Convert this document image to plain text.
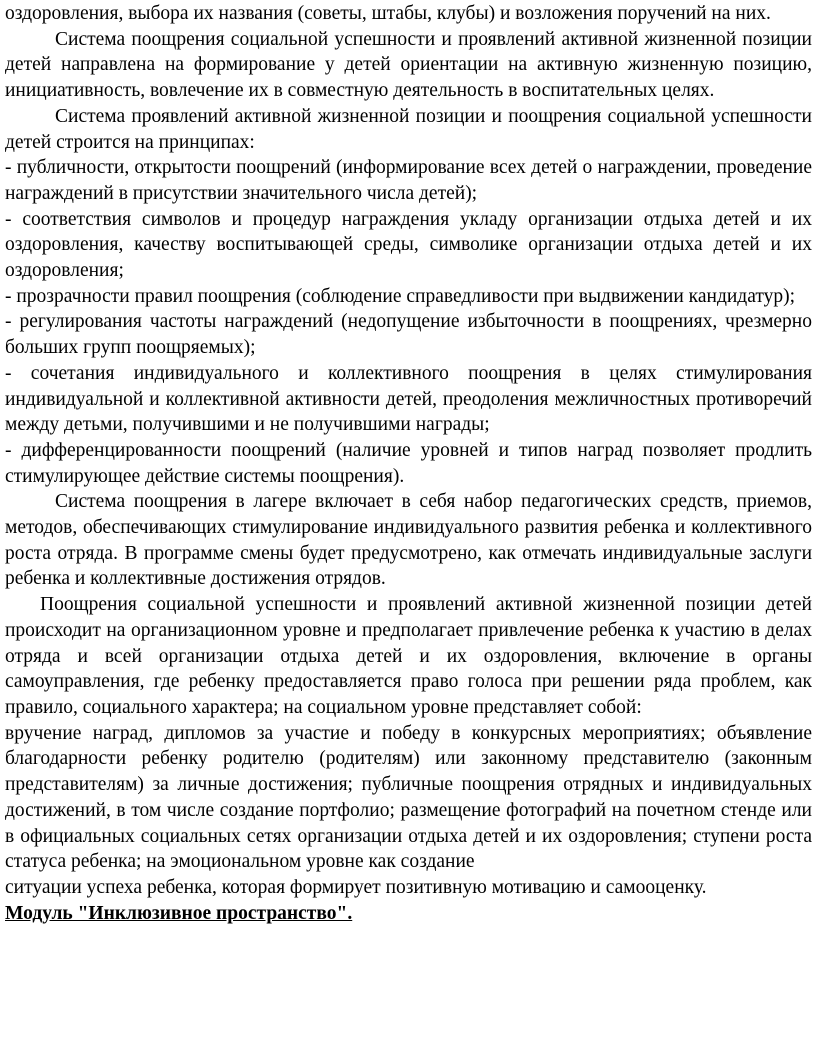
оздоровления, выбора их названия (советы, штабы, клубы) и возложения поручений на них.

Система поощрения социальной успешности и проявлений активной жизненной позиции детей направлена на формирование у детей ориентации на активную жизненную позицию, инициативность, вовлечение их в совместную деятельность в воспитательных целях.

Система проявлений активной жизненной позиции и поощрения социальной успешности детей строится на принципах:

- публичности, открытости поощрений (информирование всех детей о награждении, проведение награждений в присутствии значительного числа детей);

- соответствия символов и процедур награждения укладу организации отдыха детей и их оздоровления, качеству воспитывающей среды, символике организации отдыха детей и их оздоровления;

- прозрачности правил поощрения (соблюдение справедливости при выдвижении кандидатур);

- регулирования частоты награждений (недопущение избыточности в поощрениях, чрезмерно больших групп поощряемых);

- сочетания индивидуального и коллективного поощрения в целях стимулирования индивидуальной и коллективной активности детей, преодоления межличностных противоречий между детьми, получившими и не получившими награды;

- дифференцированности поощрений (наличие уровней и типов наград позволяет продлить стимулирующее действие системы поощрения).

Система поощрения в лагере включает в себя набор педагогических средств, приемов, методов, обеспечивающих стимулирование индивидуального развития ребенка и коллективного роста отряда. В программе смены будет предусмотрено, как отмечать индивидуальные заслуги ребенка и коллективные достижения отрядов.

Поощрения социальной успешности и проявлений активной жизненной позиции детей происходит на организационном уровне и предполагает привлечение ребенка к участию в делах отряда и всей организации отдыха детей и их оздоровления, включение в органы самоуправления, где ребенку предоставляется право голоса при решении ряда проблем, как правило, социального характера; на социальном уровне представляет собой:

вручение наград, дипломов за участие и победу в конкурсных мероприятиях; объявление благодарности ребенку родителю (родителям) или законному представителю (законным представителям) за личные достижения; публичные поощрения отрядных и индивидуальных достижений, в том числе создание портфолио; размещение фотографий на почетном стенде или в официальных социальных сетях организации отдыха детей и их оздоровления; ступени роста статуса ребенка; на эмоциональном уровне как создание

ситуации успеха ребенка, которая формирует позитивную мотивацию и самооценку.

Модуль "Инклюзивное пространство".
